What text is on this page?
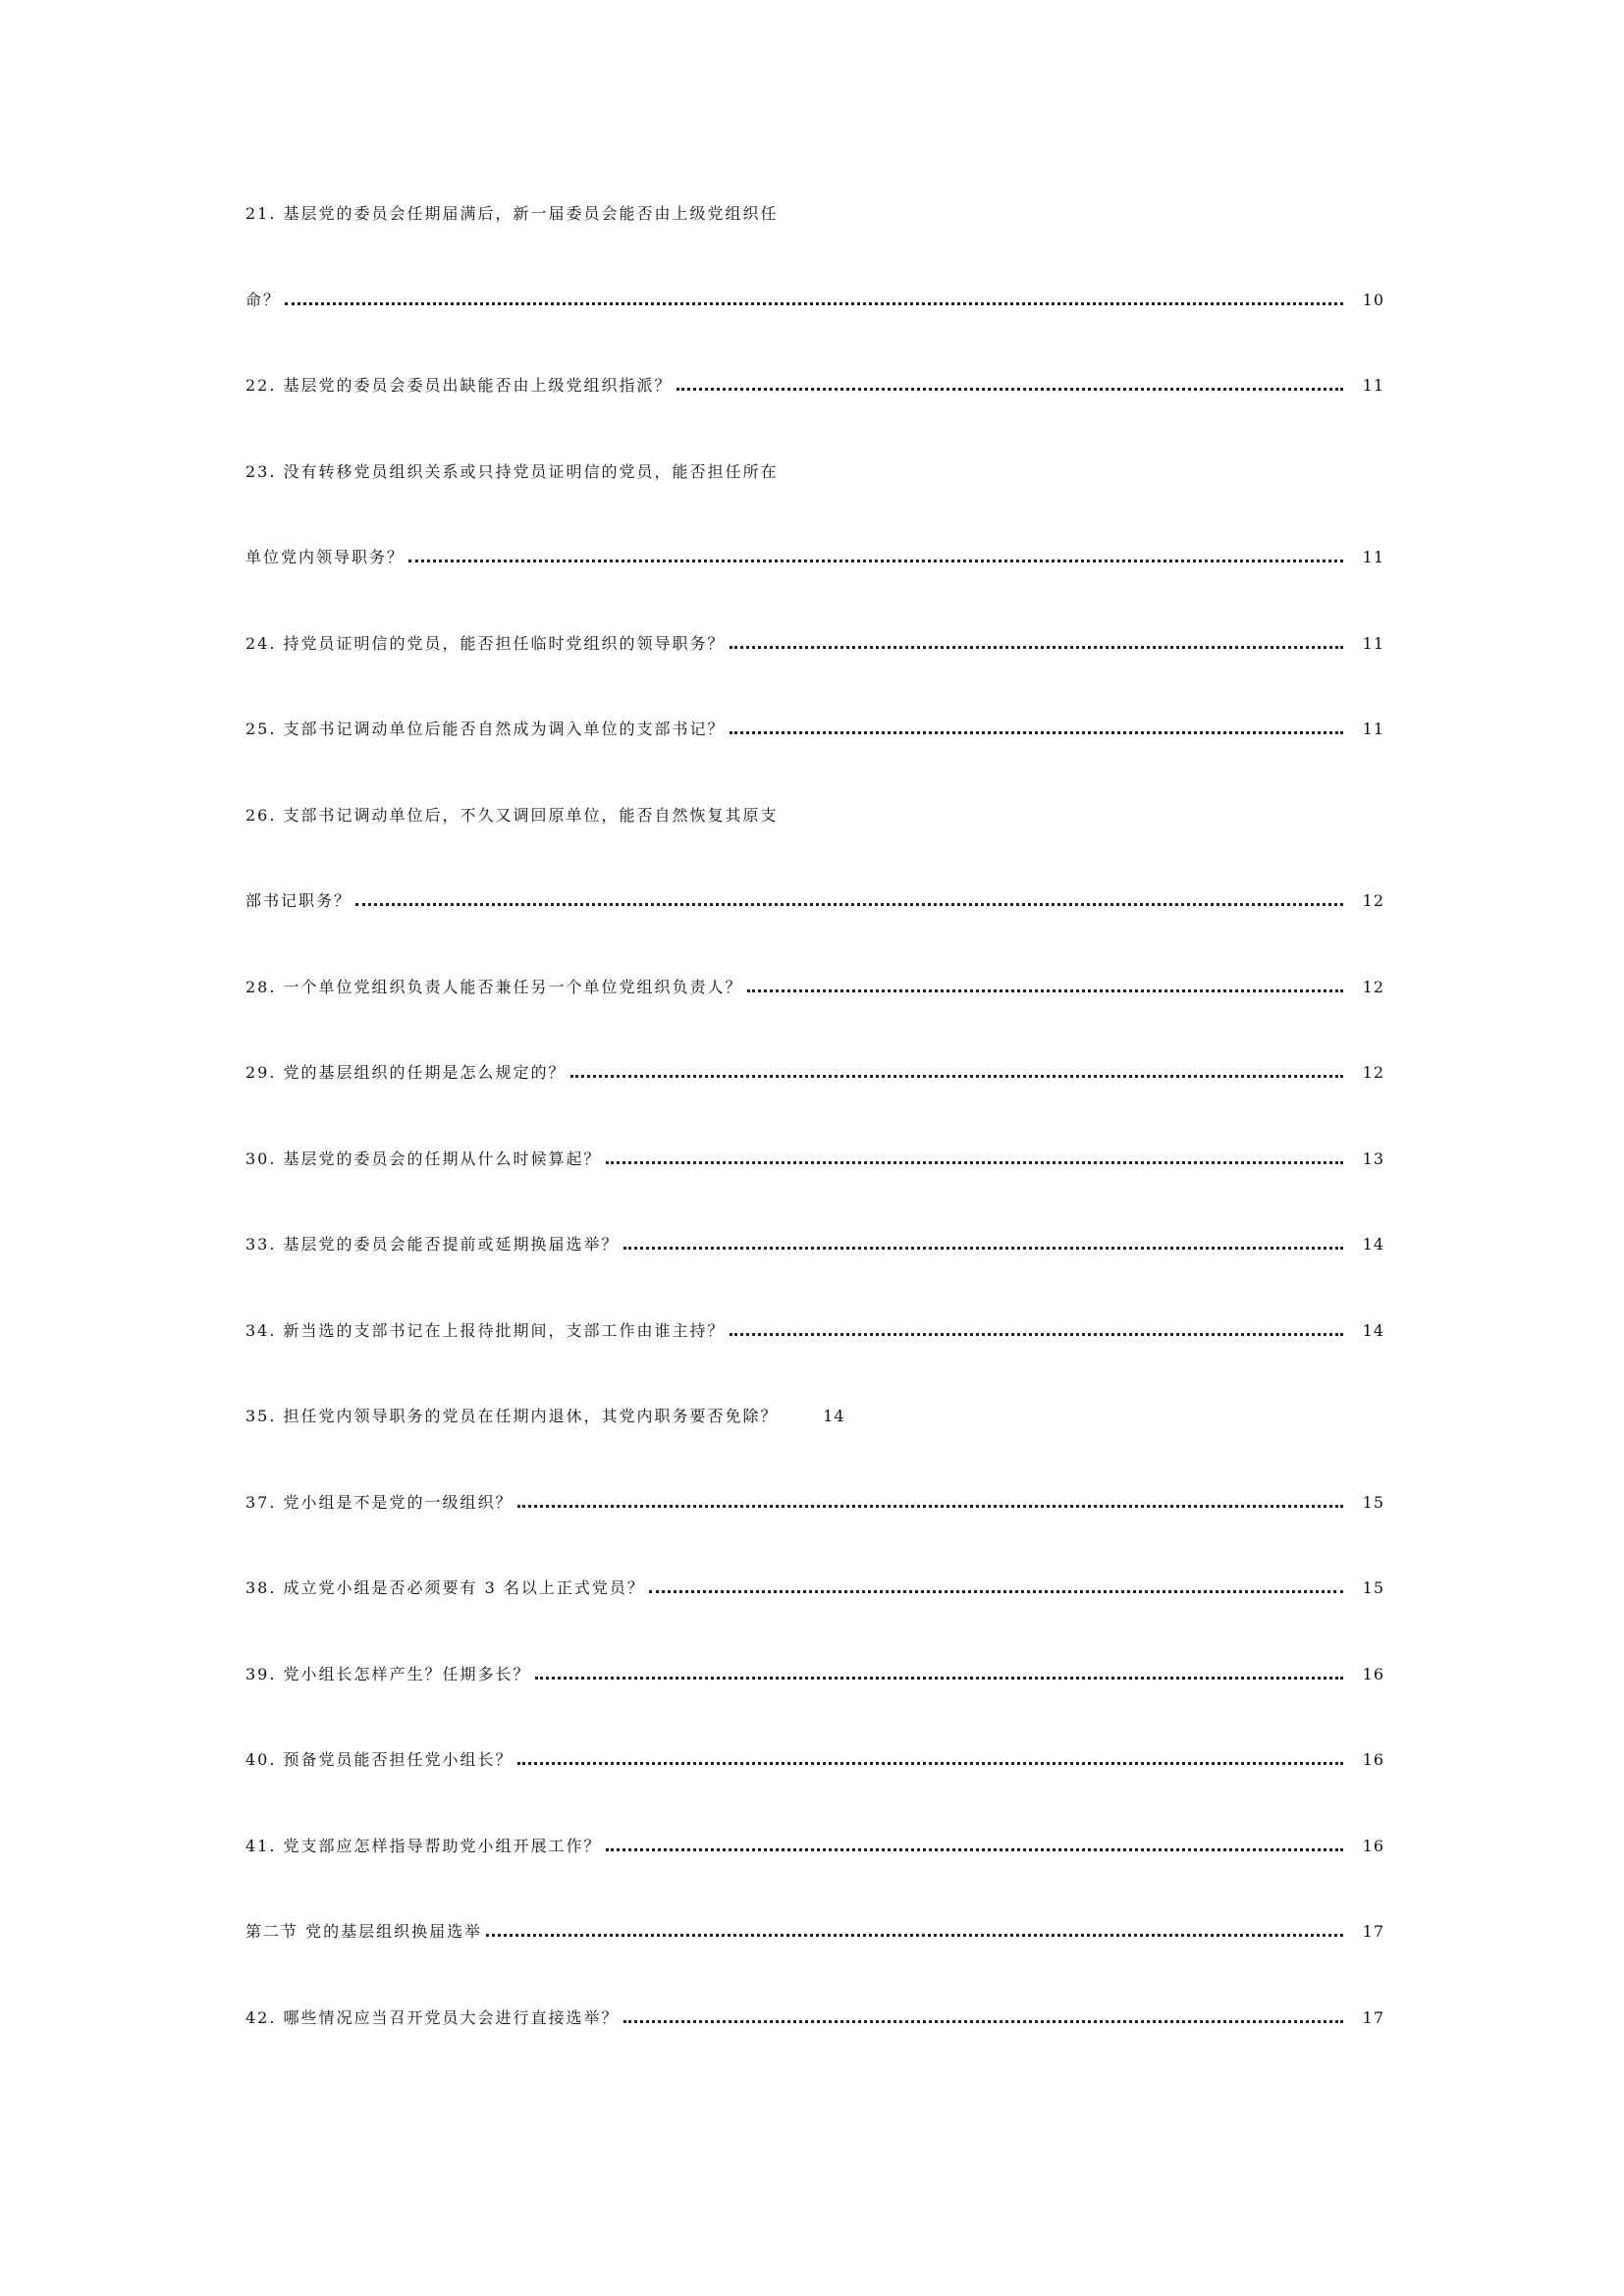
21. 基层党的委员会任期届满后，新一届委员会能否由上级党组织任
命？	10
22. 基层党的委员会委员出缺能否由上级党组织指派？	11
23. 没有转移党员组织关系或只持党员证明信的党员，能否担任所在
单位党内领导职务？	11
24. 持党员证明信的党员，能否担任临时党组织的领导职务？	11
25. 支部书记调动单位后能否自然成为调入单位的支部书记？	11
26. 支部书记调动单位后，不久又调回原单位，能否自然恢复其原支
部书记职务？	12
28. 一个单位党组织负责人能否兼任另一个单位党组织负责人？	12
29. 党的基层组织的任期是怎么规定的？	12
30. 基层党的委员会的任期从什么时候算起？	13
33. 基层党的委员会能否提前或延期换届选举？	14
34. 新当选的支部书记在上报待批期间，支部工作由谁主持？	14
35. 担任党内领导职务的党员在任期内退休，其党内职务要否免除？	14
37. 党小组是不是党的一级组织？	15
38. 成立党小组是否必须要有 3 名以上正式党员？	15
39. 党小组长怎样产生？任期多长？	16
40. 预备党员能否担任党小组长？	16
41. 党支部应怎样指导帮助党小组开展工作？	16
第二节 党的基层组织换届选举	17
42. 哪些情况应当召开党员大会进行直接选举？	17
